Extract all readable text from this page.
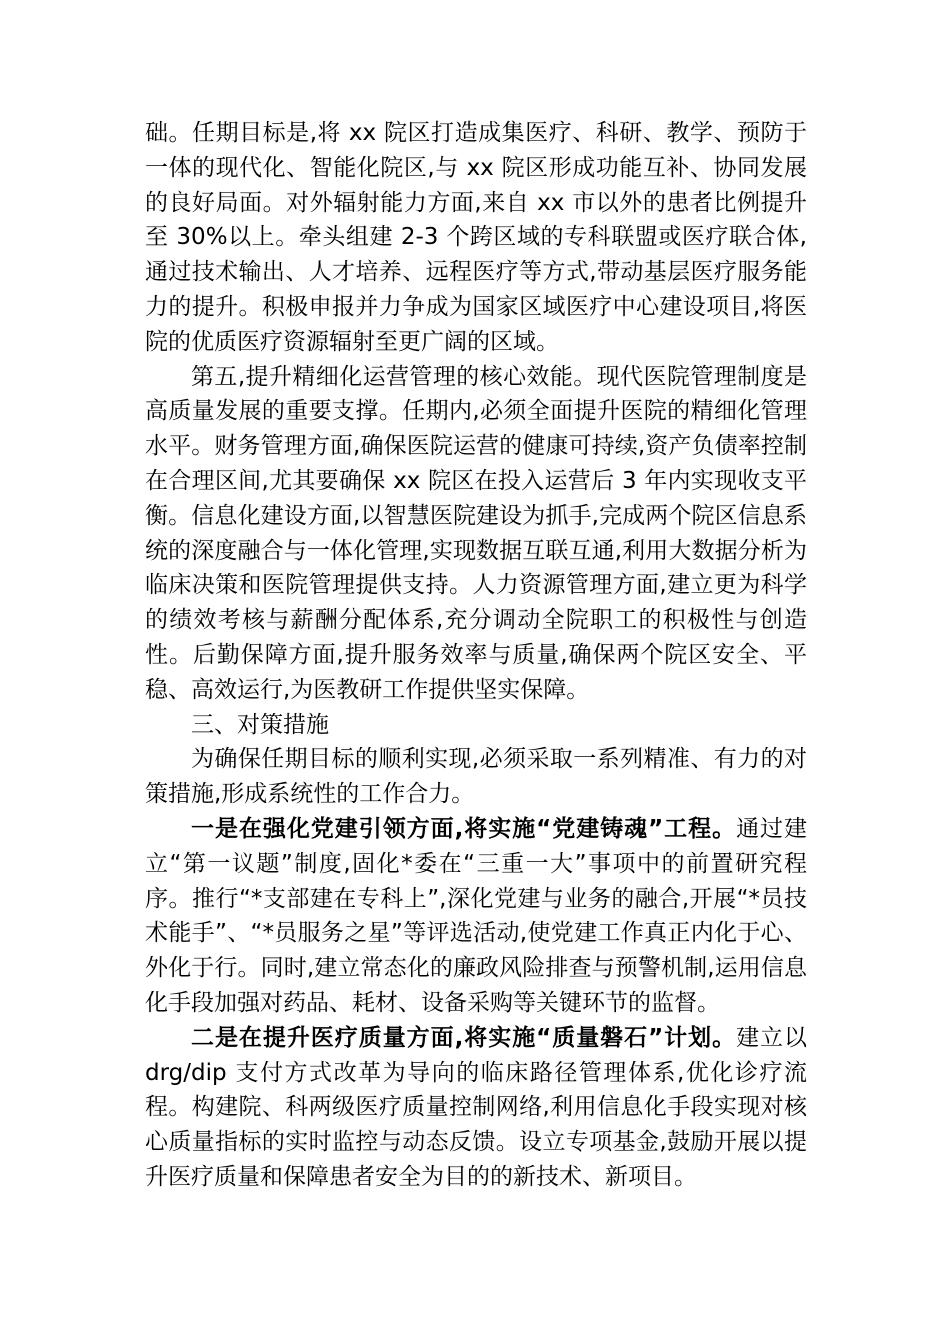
础。任期目标是,将 xx 院区打造成集医疗、科研、教学、预防于一体的现代化、智能化院区,与 xx 院区形成功能互补、协同发展的良好局面。对外辐射能力方面,来自 xx 市以外的患者比例提升至 30%以上。牵头组建 2-3 个跨区域的专科联盟或医疗联合体,通过技术输出、人才培养、远程医疗等方式,带动基层医疗服务能力的提升。积极申报并力争成为国家区域医疗中心建设项目,将医院的优质医疗资源辐射至更广阔的区域。

第五,提升精细化运营管理的核心效能。现代医院管理制度是高质量发展的重要支撑。任期内,必须全面提升医院的精细化管理水平。财务管理方面,确保医院运营的健康可持续,资产负债率控制在合理区间,尤其要确保 xx 院区在投入运营后 3 年内实现收支平衡。信息化建设方面,以智慧医院建设为抓手,完成两个院区信息系统的深度融合与一体化管理,实现数据互联互通,利用大数据分析为临床决策和医院管理提供支持。人力资源管理方面,建立更为科学的绩效考核与薪酬分配体系,充分调动全院职工的积极性与创造性。后勤保障方面,提升服务效率与质量,确保两个院区安全、平稳、高效运行,为医教研工作提供坚实保障。

三、对策措施

为确保任期目标的顺利实现,必须采取一系列精准、有力的对策措施,形成系统性的工作合力。

一是在强化党建引领方面,将实施“党建铸魂”工程。通过建立“第一议题”制度,固化*委在“三重一大”事项中的前置研究程序。推行“*支部建在专科上”,深化党建与业务的融合,开展“*员技术能手”、“*员服务之星”等评选活动,使党建工作真正内化于心、外化于行。同时,建立常态化的廉政风险排查与预警机制,运用信息化手段加强对药品、耗材、设备采购等关键环节的监督。

二是在提升医疗质量方面,将实施“质量磐石”计划。建立以 drg/dip 支付方式改革为导向的临床路径管理体系,优化诊疗流程。构建院、科两级医疗质量控制网络,利用信息化手段实现对核心质量指标的实时监控与动态反馈。设立专项基金,鼓励开展以提升医疗质量和保障患者安全为目的的新技术、新项目。
